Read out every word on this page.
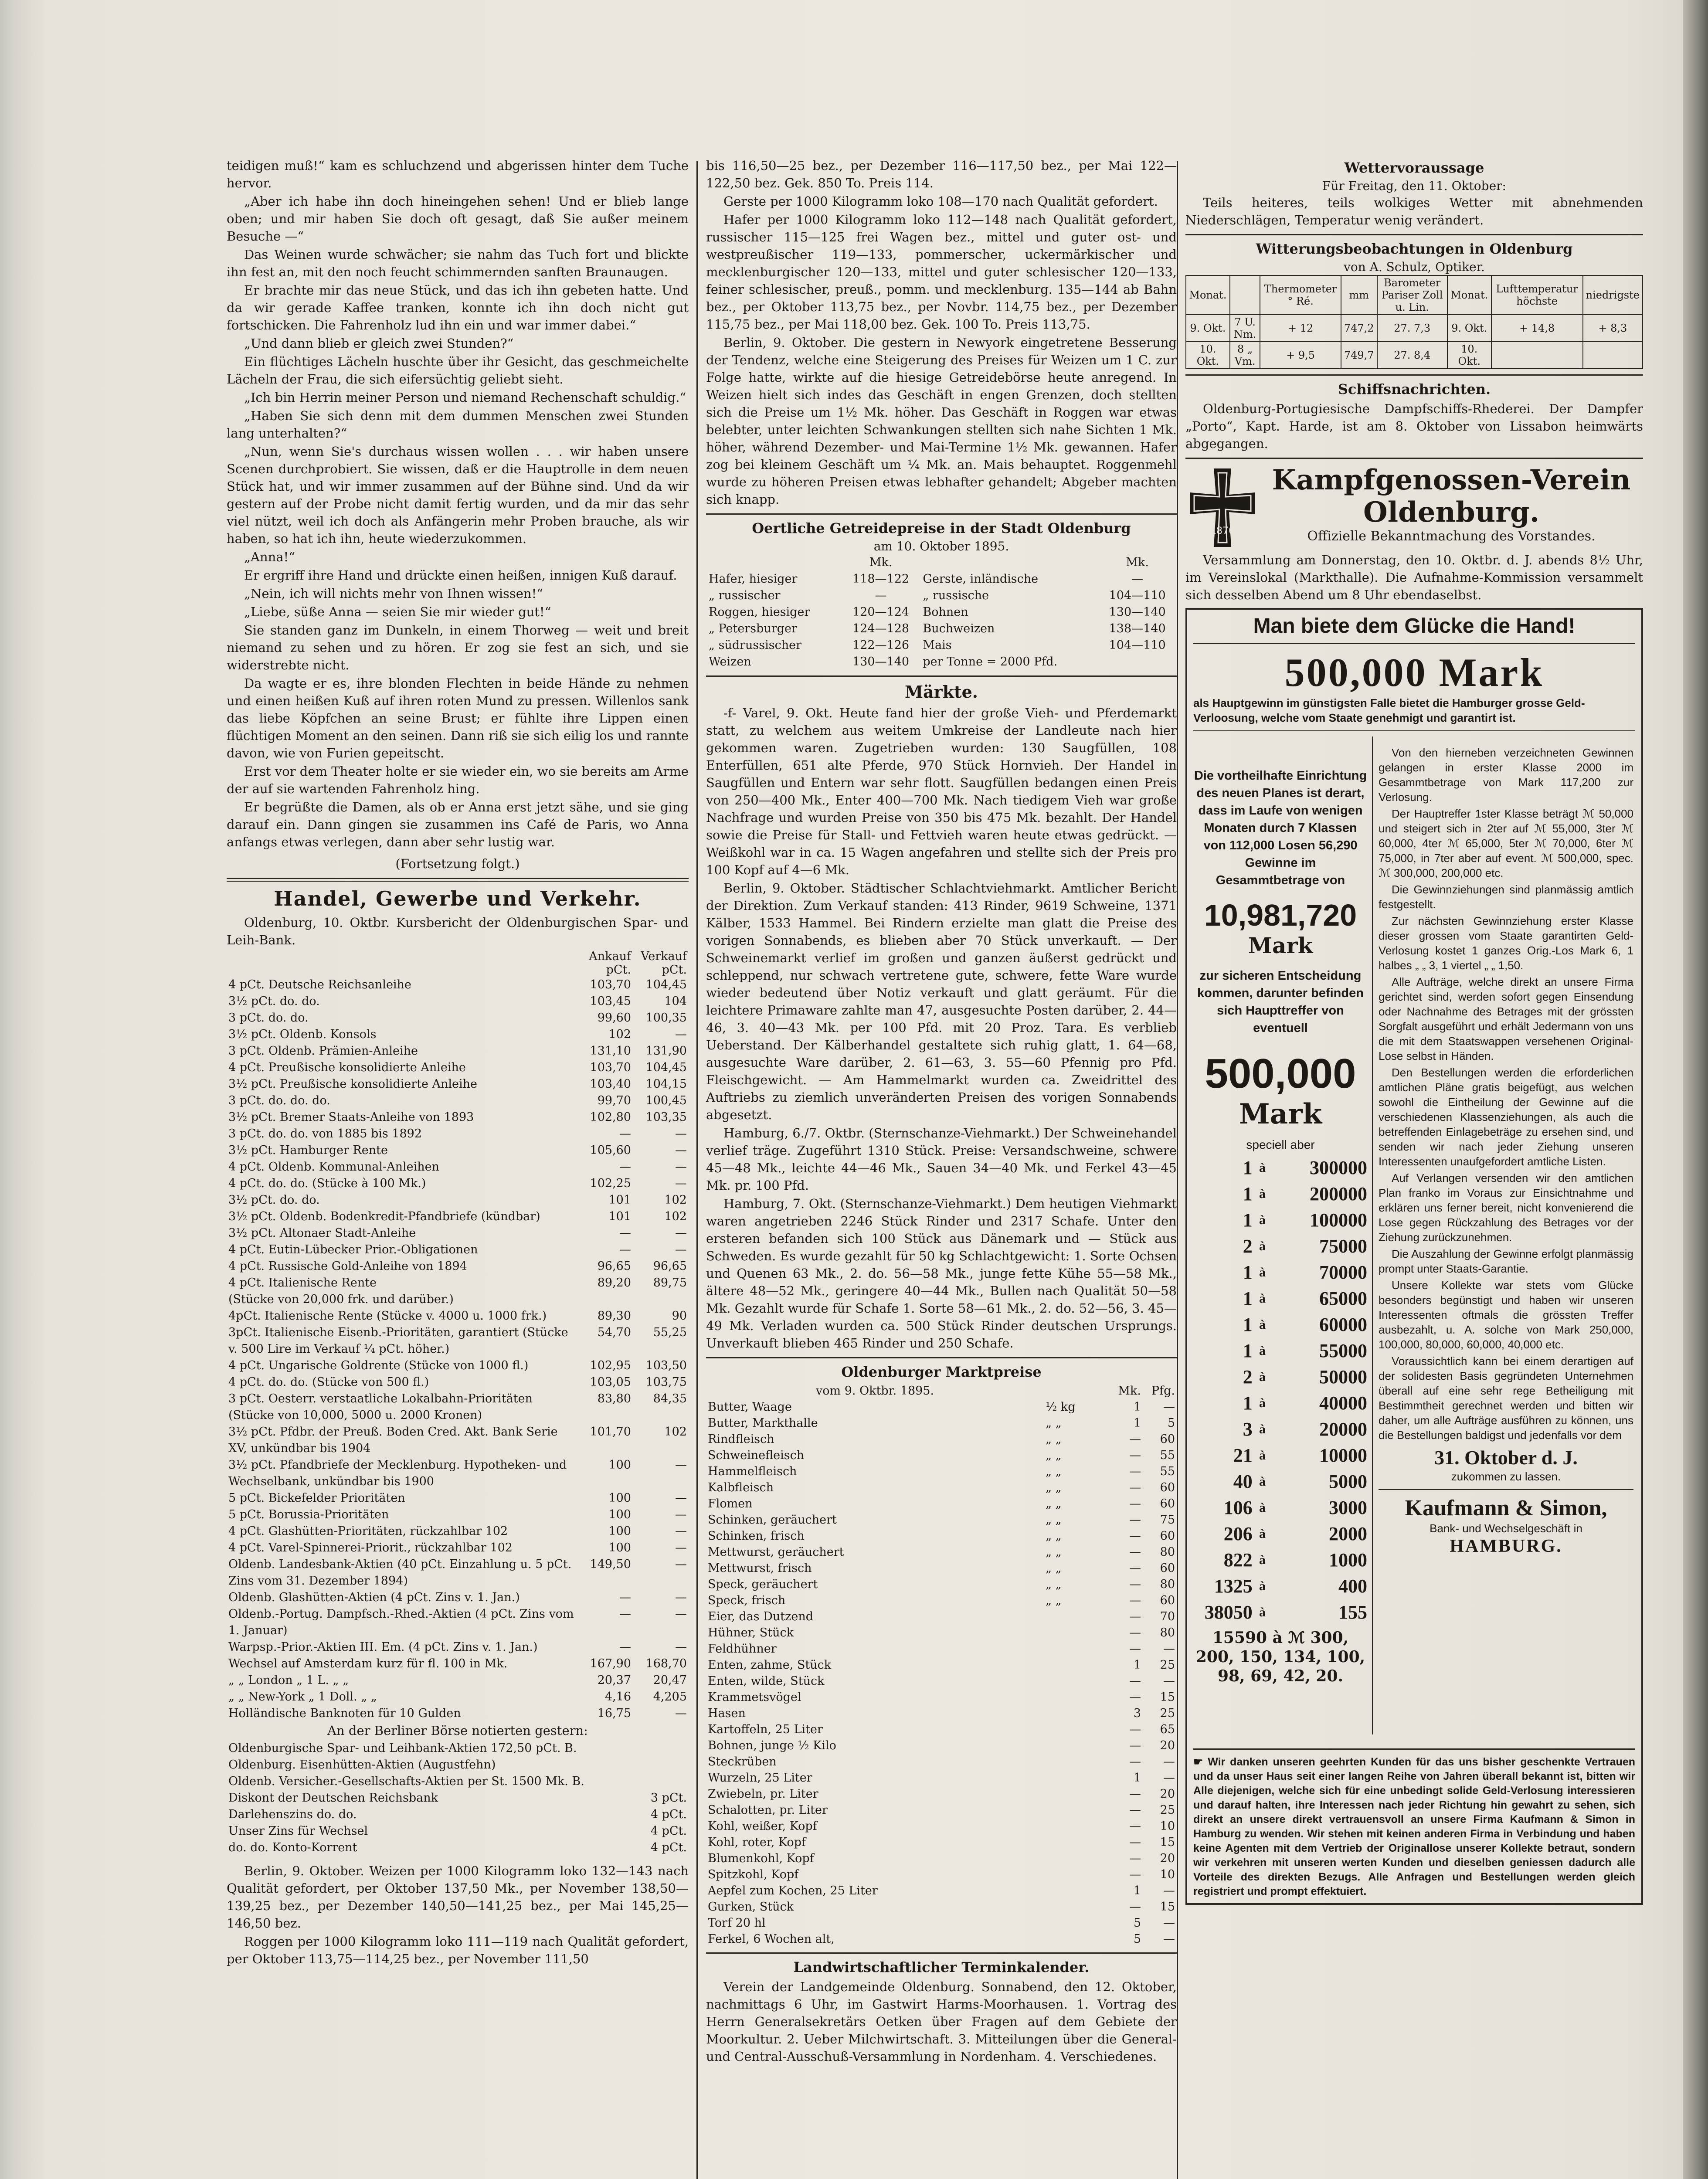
teidigen muß!“ kam es schluchzend und abgerissen hinter dem Tuche hervor.

„Aber ich habe ihn doch hineingehen sehen! Und er blieb lange oben; und mir haben Sie doch oft gesagt, daß Sie außer meinem Besuche —“

Das Weinen wurde schwächer; sie nahm das Tuch fort und blickte ihn fest an, mit den noch feucht schimmernden sanften Braunaugen.

Er brachte mir das neue Stück, und das ich ihn gebeten hatte. Und da wir gerade Kaffee tranken, konnte ich ihn doch nicht gut fortschicken. Die Fahrenholz lud ihn ein und war immer dabei.“

„Und dann blieb er gleich zwei Stunden?“

Ein flüchtiges Lächeln huschte über ihr Gesicht, das geschmeichelte Lächeln der Frau, die sich eifersüchtig geliebt sieht.

„Ich bin Herrin meiner Person und niemand Rechenschaft schuldig.“

„Haben Sie sich denn mit dem dummen Menschen zwei Stunden lang unterhalten?“

„Nun, wenn Sie's durchaus wissen wollen . . . wir haben unsere Scenen durchprobiert. Sie wissen, daß er die Hauptrolle in dem neuen Stück hat, und wir immer zusammen auf der Bühne sind. Und da wir gestern auf der Probe nicht damit fertig wurden, und da mir das sehr viel nützt, weil ich doch als Anfängerin mehr Proben brauche, als wir haben, so hat ich ihn, heute wiederzukommen.

„Anna!“

Er ergriff ihre Hand und drückte einen heißen, innigen Kuß darauf.

„Nein, ich will nichts mehr von Ihnen wissen!“

„Liebe, süße Anna — seien Sie mir wieder gut!“

Sie standen ganz im Dunkeln, in einem Thorweg — weit und breit niemand zu sehen und zu hören. Er zog sie fest an sich, und sie widerstrebte nicht.

Da wagte er es, ihre blonden Flechten in beide Hände zu nehmen und einen heißen Kuß auf ihren roten Mund zu pressen. Willenlos sank das liebe Köpfchen an seine Brust; er fühlte ihre Lippen einen flüchtigen Moment an den seinen. Dann riß sie sich eilig los und rannte davon, wie von Furien gepeitscht.

Erst vor dem Theater holte er sie wieder ein, wo sie bereits am Arme der auf sie wartenden Fahrenholz hing.

Er begrüßte die Damen, als ob er Anna erst jetzt sähe, und sie ging darauf ein. Dann gingen sie zusammen ins Café de Paris, wo Anna anfangs etwas verlegen, dann aber sehr lustig war.

(Fortsetzung folgt.)

Handel, Gewerbe und Verkehr.

Oldenburg, 10. Oktbr. Kursbericht der Oldenburgischen Spar- und Leih-Bank.

	Ankauf	Verkauf
	pCt.	pCt.
4 pCt. Deutsche Reichsanleihe	103,70	104,45
3½ pCt. do. do.	103,45	104
3 pCt. do. do.	99,60	100,35
3½ pCt. Oldenb. Konsols	102	—
3 pCt. Oldenb. Prämien-Anleihe	131,10	131,90
4 pCt. Preußische konsolidierte Anleihe	103,70	104,45
3½ pCt. Preußische konsolidierte Anleihe	103,40	104,15
3 pCt. do. do. do.	99,70	100,45
3½ pCt. Bremer Staats-Anleihe von 1893	102,80	103,35
3 pCt. do. do. von 1885 bis 1892	—	—
3½ pCt. Hamburger Rente	105,60	—
4 pCt. Oldenb. Kommunal-Anleihen	—	—
4 pCt. do. do. (Stücke à 100 Mk.)	102,25	—
3½ pCt. do. do.	101	102
3½ pCt. Oldenb. Bodenkredit-Pfandbriefe (kündbar)	101	102
3½ pCt. Altonaer Stadt-Anleihe	—	—
4 pCt. Eutin-Lübecker Prior.-Obligationen	—	—
4 pCt. Russische Gold-Anleihe von 1894	96,65	96,65
4 pCt. Italienische Rente	89,20	89,75
(Stücke von 20,000 frk. und darüber.)		
4pCt. Italienische Rente (Stücke v. 4000 u. 1000 frk.)	89,30	90
3pCt. Italienische Eisenb.-Prioritäten, garantiert (Stücke v. 500 Lire im Verkauf ¼ pCt. höher.)	54,70	55,25
4 pCt. Ungarische Goldrente (Stücke von 1000 fl.)	102,95	103,50
4 pCt. do. do. (Stücke von 500 fl.)	103,05	103,75
3 pCt. Oesterr. verstaatliche Lokalbahn-Prioritäten (Stücke von 10,000, 5000 u. 2000 Kronen)	83,80	84,35
3½ pCt. Pfdbr. der Preuß. Boden Cred. Akt. Bank Serie XV, unkündbar bis 1904	101,70	102
3½ pCt. Pfandbriefe der Mecklenburg. Hypotheken- und Wechselbank, unkündbar bis 1900	100	—
5 pCt. Bickefelder Prioritäten	100	—
5 pCt. Borussia-Prioritäten	100	—
4 pCt. Glashütten-Prioritäten, rückzahlbar 102	100	—
4 pCt. Varel-Spinnerei-Priorit., rückzahlbar 102	100	—
Oldenb. Landesbank-Aktien (40 pCt. Einzahlung u. 5 pCt. Zins vom 31. Dezember 1894)	149,50	—
Oldenb. Glashütten-Aktien (4 pCt. Zins v. 1. Jan.)	—	—
Oldenb.-Portug. Dampfsch.-Rhed.-Aktien (4 pCt. Zins vom 1. Januar)	—	—
Warpsp.-Prior.-Aktien III. Em. (4 pCt. Zins v. 1. Jan.)	—	—
Wechsel auf Amsterdam kurz für fl. 100 in Mk.	167,90	168,70
„ „ London „ 1 L. „ „	20,37	20,47
„ „ New-York „ 1 Doll. „ „	4,16	4,205
Holländische Banknoten für 10 Gulden	16,75	—

An der Berliner Börse notierten gestern:

Oldenburgische Spar- und Leihbank-Aktien 172,50 pCt. B.	
Oldenburg. Eisenhütten-Aktien (Augustfehn)	
Oldenb. Versicher.-Gesellschafts-Aktien per St. 1500 Mk. B.	
Diskont der Deutschen Reichsbank	3 pCt.
Darlehenszins do. do.	4 pCt.
Unser Zins für Wechsel	4 pCt.
do. do. Konto-Korrent	4 pCt.

Berlin, 9. Oktober. Weizen per 1000 Kilogramm loko 132—143 nach Qualität gefordert, per Oktober 137,50 Mk., per November 138,50—139,25 bez., per Dezember 140,50—141,25 bez., per Mai 145,25—146,50 bez.

Roggen per 1000 Kilogramm loko 111—119 nach Qualität gefordert, per Oktober 113,75—114,25 bez., per November 111,50

bis 116,50—25 bez., per Dezember 116—117,50 bez., per Mai 122—122,50 bez. Gek. 850 To. Preis 114.

Gerste per 1000 Kilogramm loko 108—170 nach Qualität gefordert.

Hafer per 1000 Kilogramm loko 112—148 nach Qualität gefordert, russischer 115—125 frei Wagen bez., mittel und guter ost- und westpreußischer 119—133, pommerscher, uckermärkischer und mecklenburgischer 120—133, mittel und guter schlesischer 120—133, feiner schlesischer, preuß., pomm. und mecklenburg. 135—144 ab Bahn bez., per Oktober 113,75 bez., per Novbr. 114,75 bez., per Dezember 115,75 bez., per Mai 118,00 bez. Gek. 100 To. Preis 113,75.

Berlin, 9. Oktober. Die gestern in Newyork eingetretene Besserung der Tendenz, welche eine Steigerung des Preises für Weizen um 1 C. zur Folge hatte, wirkte auf die hiesige Getreidebörse heute anregend. In Weizen hielt sich indes das Geschäft in engen Grenzen, doch stellten sich die Preise um 1½ Mk. höher. Das Geschäft in Roggen war etwas belebter, unter leichten Schwankungen stellten sich nahe Sichten 1 Mk. höher, während Dezember- und Mai-Termine 1½ Mk. gewannen. Hafer zog bei kleinem Geschäft um ¼ Mk. an. Mais behauptet. Roggenmehl wurde zu höheren Preisen etwas lebhafter gehandelt; Abgeber machten sich knapp.

Oertliche Getreidepreise in der Stadt Oldenburg
am 10. Oktober 1895.
	Mk.		Mk.
Hafer, hiesiger	118—122	Gerste, inländische	—
„ russischer	—	„ russische	104—110
Roggen, hiesiger	120—124	Bohnen	130—140
„ Petersburger	124—128	Buchweizen	138—140
„ südrussischer	122—126	Mais	104—110
Weizen	130—140	per Tonne = 2000 Pfd.	
Märkte.

-f- Varel, 9. Okt. Heute fand hier der große Vieh- und Pferdemarkt statt, zu welchem aus weitem Umkreise der Landleute nach hier gekommen waren. Zugetrieben wurden: 130 Saugfüllen, 108 Enterfüllen, 651 alte Pferde, 970 Stück Hornvieh. Der Handel in Saugfüllen und Entern war sehr flott. Saugfüllen bedangen einen Preis von 250—400 Mk., Enter 400—700 Mk. Nach tiedigem Vieh war große Nachfrage und wurden Preise von 350 bis 475 Mk. bezahlt. Der Handel sowie die Preise für Stall- und Fettvieh waren heute etwas gedrückt. — Weißkohl war in ca. 15 Wagen angefahren und stellte sich der Preis pro 100 Kopf auf 4—6 Mk.

Berlin, 9. Oktober. Städtischer Schlachtviehmarkt. Amtlicher Bericht der Direktion. Zum Verkauf standen: 413 Rinder, 9619 Schweine, 1371 Kälber, 1533 Hammel. Bei Rindern erzielte man glatt die Preise des vorigen Sonnabends, es blieben aber 70 Stück unverkauft. — Der Schweinemarkt verlief im großen und ganzen äußerst gedrückt und schleppend, nur schwach vertretene gute, schwere, fette Ware wurde wieder bedeutend über Notiz verkauft und glatt geräumt. Für die leichtere Primaware zahlte man 47, ausgesuchte Posten darüber, 2. 44—46, 3. 40—43 Mk. per 100 Pfd. mit 20 Proz. Tara. Es verblieb Ueberstand. Der Kälberhandel gestaltete sich ruhig glatt, 1. 64—68, ausgesuchte Ware darüber, 2. 61—63, 3. 55—60 Pfennig pro Pfd. Fleischgewicht. — Am Hammelmarkt wurden ca. Zweidrittel des Auftriebs zu ziemlich unveränderten Preisen des vorigen Sonnabends abgesetzt.

Hamburg, 6./7. Oktbr. (Sternschanze-Viehmarkt.) Der Schweinehandel verlief träge. Zugeführt 1310 Stück. Preise: Versandschweine, schwere 45—48 Mk., leichte 44—46 Mk., Sauen 34—40 Mk. und Ferkel 43—45 Mk. pr. 100 Pfd.

Hamburg, 7. Okt. (Sternschanze-Viehmarkt.) Dem heutigen Viehmarkt waren angetrieben 2246 Stück Rinder und 2317 Schafe. Unter den ersteren befanden sich 100 Stück aus Dänemark und — Stück aus Schweden. Es wurde gezahlt für 50 kg Schlachtgewicht: 1. Sorte Ochsen und Quenen 63 Mk., 2. do. 56—58 Mk., junge fette Kühe 55—58 Mk., ältere 48—52 Mk., geringere 40—44 Mk., Bullen nach Qualität 50—58 Mk. Gezahlt wurde für Schafe 1. Sorte 58—61 Mk., 2. do. 52—56, 3. 45—49 Mk. Verladen wurden ca. 500 Stück Rinder deutschen Ursprungs. Unverkauft blieben 465 Rinder und 250 Schafe.

Oldenburger Marktpreise
vom 9. Oktbr. 1895.		Mk.	Pfg.
Butter, Waage	½ kg	1	—
Butter, Markthalle	„ „	1	5
Rindfleisch	„ „	—	60
Schweinefleisch	„ „	—	55
Hammelfleisch	„ „	—	55
Kalbfleisch	„ „	—	60
Flomen	„ „	—	60
Schinken, geräuchert	„ „	—	75
Schinken, frisch	„ „	—	60
Mettwurst, geräuchert	„ „	—	80
Mettwurst, frisch	„ „	—	60
Speck, geräuchert	„ „	—	80
Speck, frisch	„ „	—	60
Eier, das Dutzend		—	70
Hühner, Stück		—	80
Feldhühner		—	—
Enten, zahme, Stück		1	25
Enten, wilde, Stück		—	—
Krammetsvögel		—	15
Hasen		3	25
Kartoffeln, 25 Liter		—	65
Bohnen, junge ½ Kilo		—	20
Steckrüben		—	—
Wurzeln, 25 Liter		1	—
Zwiebeln, pr. Liter		—	20
Schalotten, pr. Liter		—	25
Kohl, weißer, Kopf		—	10
Kohl, roter, Kopf		—	15
Blumenkohl, Kopf		—	20
Spitzkohl, Kopf		—	10
Aepfel zum Kochen, 25 Liter		1	—
Gurken, Stück		—	15
Torf 20 hl		5	—
Ferkel, 6 Wochen alt,		5	—
Landwirtschaftlicher Terminkalender.

Verein der Landgemeinde Oldenburg. Sonnabend, den 12. Oktober, nachmittags 6 Uhr, im Gastwirt Harms-Moorhausen. 1. Vortrag des Herrn Generalsekretärs Oetken über Fragen auf dem Gebiete der Moorkultur. 2. Ueber Milchwirtschaft. 3. Mitteilungen über die General- und Central-Ausschuß-Versammlung in Nordenham. 4. Verschiedenes.

Wettervoraussage
Für Freitag, den 11. Oktober:

Teils heiteres, teils wolkiges Wetter mit abnehmenden Niederschlägen, Temperatur wenig verändert.

Witterungsbeobachtungen in Oldenburg
von A. Schulz, Optiker.
Monat.		Thermometer ° Ré.	mm	Barometer Pariser Zoll u. Lin.	Monat.	Lufttemperatur höchste	niedrigste
9. Okt.	7 U. Nm.	+ 12	747,2	27. 7,3	9. Okt.	+ 14,8	+ 8,3
10. Okt.	8 „ Vm.	+ 9,5	749,7	27. 8,4	10. Okt.		
Schiffsnachrichten.

Oldenburg-Portugiesische Dampfschiffs-Rhederei. Der Dampfer „Porto“, Kapt. Harde, ist am 8. Oktober von Lissabon heimwärts abgegangen.

1870
Kampfgenossen-Verein
Oldenburg.
Offizielle Bekanntmachung des Vorstandes.

Versammlung am Donnerstag, den 10. Oktbr. d. J. abends 8½ Uhr, im Vereinslokal (Markthalle). Die Aufnahme-Kommission versammelt sich desselben Abend um 8 Uhr ebendaselbst.

Man biete dem Glücke die Hand!
500,000 Mark
als Hauptgewinn im günstigsten Falle bietet die Hamburger grosse Geld-Verloosung, welche vom Staate genehmigt und garantirt ist.
Die vortheilhafte Einrichtung des neuen Planes ist derart, dass im Laufe von wenigen Monaten durch 7 Klassen von 112,000 Losen 56,290 Gewinne im Gesammtbetrage von
10,981,720
Mark
zur sicheren Entscheidung kommen, darunter befinden sich Haupttreffer von eventuell
500,000
Mark
speciell aber
1	à	300000
1	à	200000
1	à	100000
2	à	75000
1	à	70000
1	à	65000
1	à	60000
1	à	55000
2	à	50000
1	à	40000
3	à	20000
21	à	10000
40	à	5000
106	à	3000
206	à	2000
822	à	1000
1325	à	400
38050	à	155
15590 à ℳ 300, 200, 150, 134, 100, 98, 69, 42, 20.
Von den hierneben verzeichneten Gewinnen gelangen in erster Klasse 2000 im Gesammtbetrage von Mark 117,200 zur Verlosung.
Der Hauptreffer 1ster Klasse beträgt ℳ 50,000 und steigert sich in 2ter auf ℳ 55,000, 3ter ℳ 60,000, 4ter ℳ 65,000, 5ter ℳ 70,000, 6ter ℳ 75,000, in 7ter aber auf event. ℳ 500,000, spec. ℳ 300,000, 200,000 etc.
Die Gewinnziehungen sind planmässig amtlich festgestellt.
Zur nächsten Gewinnziehung erster Klasse dieser grossen vom Staate garantirten Geld-Verlosung kostet 1 ganzes Orig.-Los Mark 6, 1 halbes „ „ 3, 1 viertel „ „ 1,50.
Alle Aufträge, welche direkt an unsere Firma gerichtet sind, werden sofort gegen Einsendung oder Nachnahme des Betrages mit der grössten Sorgfalt ausgeführt und erhält Jedermann von uns die mit dem Staatswappen versehenen Original-Lose selbst in Händen.
Den Bestellungen werden die erforderlichen amtlichen Pläne gratis beigefügt, aus welchen sowohl die Eintheilung der Gewinne auf die verschiedenen Klassenziehungen, als auch die betreffenden Einlagebeträge zu ersehen sind, und senden wir nach jeder Ziehung unseren Interessenten unaufgefordert amtliche Listen.
Auf Verlangen versenden wir den amtlichen Plan franko im Voraus zur Einsichtnahme und erklären uns ferner bereit, nicht konvenierend die Lose gegen Rückzahlung des Betrages vor der Ziehung zurückzunehmen.
Die Auszahlung der Gewinne erfolgt planmässig prompt unter Staats-Garantie.
Unsere Kollekte war stets vom Glücke besonders begünstigt und haben wir unseren Interessenten oftmals die grössten Treffer ausbezahlt, u. A. solche von Mark 250,000, 100,000, 80,000, 60,000, 40,000 etc.
Voraussichtlich kann bei einem derartigen auf der solidesten Basis gegründeten Unternehmen überall auf eine sehr rege Betheiligung mit Bestimmtheit gerechnet werden und bitten wir daher, um alle Aufträge ausführen zu können, uns die Bestellungen baldigst und jedenfalls vor dem
31. Oktober d. J.
zukommen zu lassen.
Kaufmann & Simon,
Bank- und Wechselgeschäft in
HAMBURG.
☛ Wir danken unseren geehrten Kunden für das uns bisher geschenkte Vertrauen und da unser Haus seit einer langen Reihe von Jahren überall bekannt ist, bitten wir Alle diejenigen, welche sich für eine unbedingt solide Geld-Verlosung interessieren und darauf halten, ihre Interessen nach jeder Richtung hin gewahrt zu sehen, sich direkt an unsere direkt vertrauensvoll an unsere Firma Kaufmann & Simon in Hamburg zu wenden. Wir stehen mit keinen anderen Firma in Verbindung und haben keine Agenten mit dem Vertrieb der Originallose unserer Kollekte betraut, sondern wir verkehren mit unseren werten Kunden und dieselben geniessen dadurch alle Vorteile des direkten Bezugs. Alle Anfragen und Bestellungen werden gleich registriert und prompt effektuiert.
